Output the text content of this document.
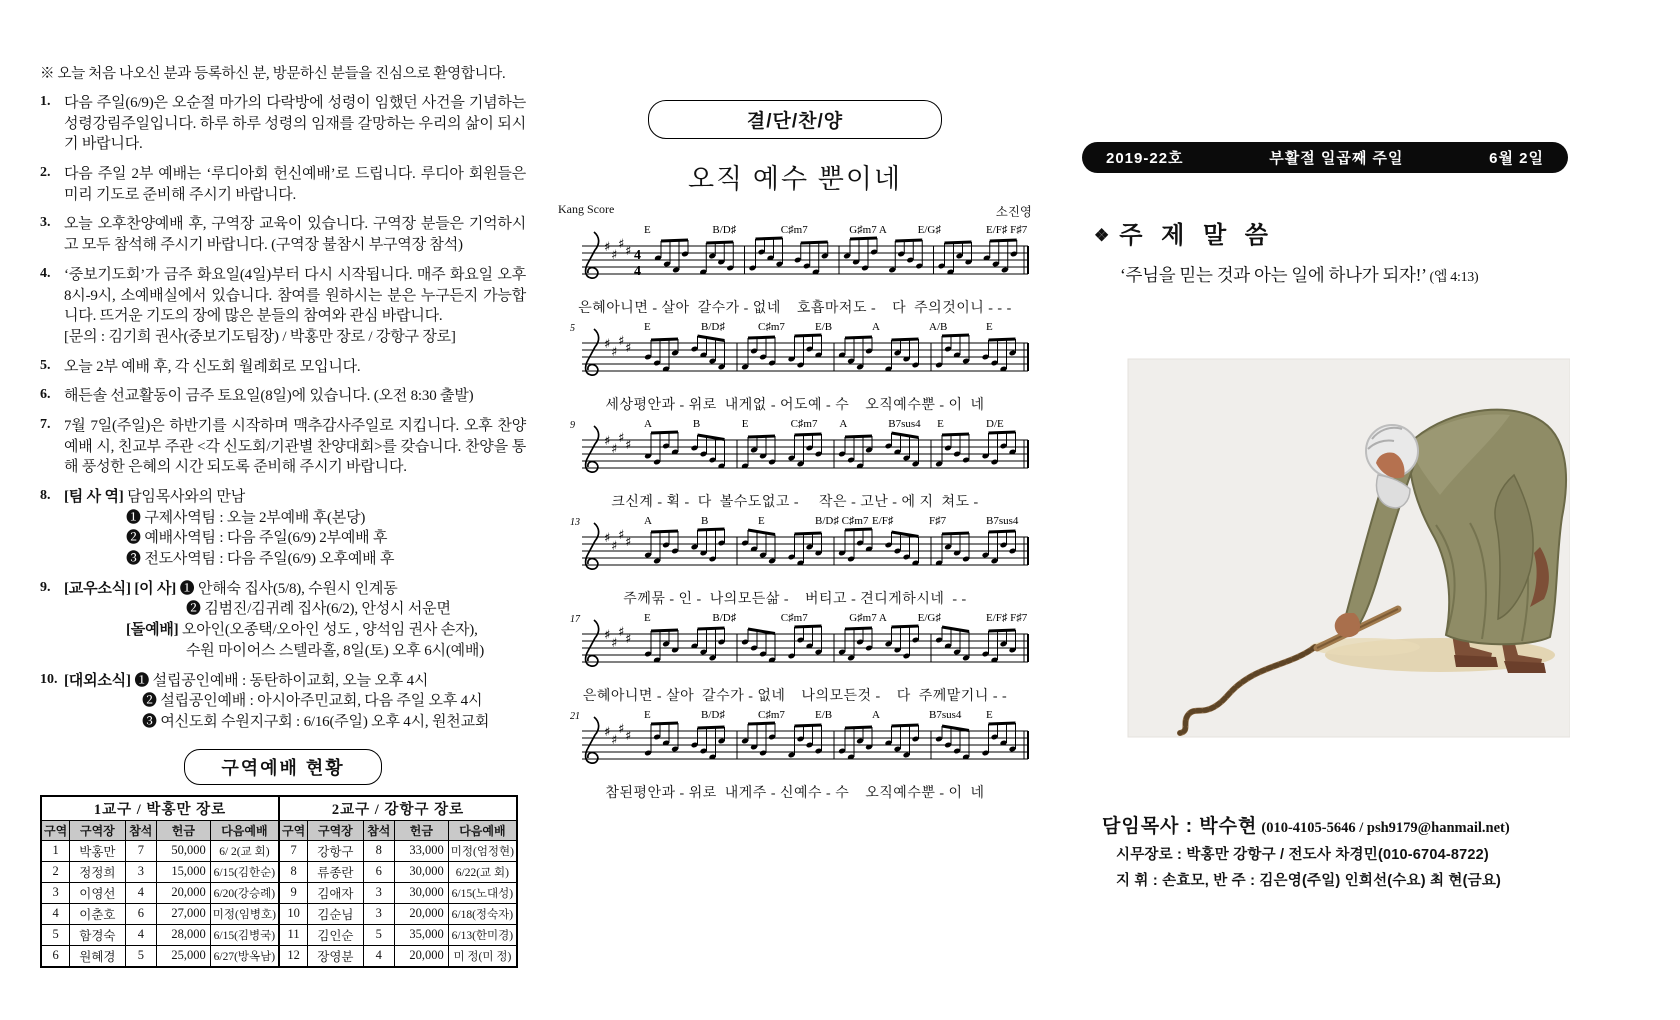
※ 오늘 처음 나오신 분과 등록하신 분, 방문하신 분들을 진심으로 환영합니다.
1. 다음 주일(6/9)은 오순절 마가의 다락방에 성령이 임했던 사건을 기념하는 성령강림주일입니다. 하루 하루 성령의 임재를 갈망하는 우리의 삶이 되시기 바랍니다.
2. 다음 주일 2부 예배는 ‘루디아회 헌신예배’로 드립니다. 루디아 회원들은 미리 기도로 준비해 주시기 바랍니다.
3. 오늘 오후찬양예배 후, 구역장 교육이 있습니다. 구역장 분들은 기억하시고 모두 참석해 주시기 바랍니다. (구역장 불참시 부구역장 참석)
4. ‘중보기도회’가 금주 화요일(4일)부터 다시 시작됩니다. 매주 화요일 오후 8시-9시, 소예배실에서 있습니다. 참여를 원하시는 분은 누구든지 가능합니다. 뜨거운 기도의 장에 많은 분들의 참여와 관심 바랍니다.
[문의 : 김기희 권사(중보기도팀장) / 박홍만 장로 / 강항구 장로]
5. 오늘 2부 예배 후, 각 신도회 월례회로 모입니다.
6. 해든솔 선교활동이 금주 토요일(8일)에 있습니다. (오전 8:30 출발)
7. 7월 7일(주일)은 하반기를 시작하며 맥추감사주일로 지킵니다. 오후 찬양예배 시, 친교부 주관 <각 신도회/기관별 찬양대회>를 갖습니다. 찬양을 통해 풍성한 은혜의 시간 되도록 준비해 주시기 바랍니다.
8. [팀 사 역] 담임목사와의 만남
❶ 구제사역팀 : 오늘 2부예배 후(본당)
❷ 예배사역팀 : 다음 주일(6/9) 2부예배 후
❸ 전도사역팀 : 다음 주일(6/9) 오후예배 후
9. [교우소식] [이 사] ❶ 안해숙 집사(5/8), 수원시 인계동
❷ 김범진/김귀례 집사(6/2), 안성시 서운면
[돌예배] 오아인(오종택/오아인 성도 , 양석임 권사 손자),
수원 마이어스 스텔라홀, 8일(토) 오후 6시(예배)
10. [대외소식] ❶ 설립공인예배 : 동탄하이교회, 오늘 오후 4시
❷ 설립공인예배 : 아시아주민교회, 다음 주일 오후 4시
❸ 여신도회 수원지구회 : 6/16(주일) 오후 4시, 원천교회
구역예배 현황
1교구 / 박홍만 장로					2교구 / 강항구 장로				
구역	구역장	참석	헌금	다음예배	구역	구역장	참석	헌금	다음예배
1	박홍만	7	50,000	6/ 2(교 회)	7	강항구	8	33,000	미정(엄정현)
2	정정희	3	15,000	6/15(김한순)	8	류종란	6	30,000	6/22(교 회)
3	이영선	4	20,000	6/20(강승례)	9	김애자	3	30,000	6/15(노대성)
4	이춘호	6	27,000	미정(임병호)	10	김순님	3	20,000	6/18(정숙자)
5	함경숙	4	28,000	6/15(김병국)	11	김인순	5	35,000	6/13(한미경)
6	원혜경	5	25,000	6/27(방옥남)	12	장영분	4	20,000	미 정(미 정)
결/단/찬/양
오직 예수 뿐이네
Kang Score	소진영
♯
♯
♯ ♯ 4
4
E	B/D♯	C♯m7	G♯m7 A	E/G♯	E/F♯ F♯7
은혜아니면 - 살아  갈수가 - 없네    호흡마저도 -    다  주의것이니 - - -
5
♯
♯
♯ ♯
E	B/D♯	C♯m7	E/B	A	A/B	E
세상평안과 - 위로  내게없 - 어도예 - 수    오직예수뿐 - 이  네
9
♯
♯
♯ ♯
A	B	E	C♯m7 A	B7sus4 E	D/E
크신계 - 획 -  다  볼수도없고 -     작은 - 고난 - 에 지  쳐도 -
13
♯
♯
♯ ♯
A	B	E	B/D♯ C♯m7 E/F♯	F♯7	B7sus4
주께묶 - 인 -  나의모든삶 -    버티고 - 견디게하시네  - -
17
♯
♯
♯ ♯
E	B/D♯	C♯m7	G♯m7 A	E/G♯	E/F♯ F♯7
은혜아니면 - 살아  갈수가 - 없네    나의모든것 -    다  주께맡기니 - -
21
♯
♯
♯ ♯
E	B/D♯	C♯m7	E/B	A	B7sus4 E
참된평안과 - 위로  내게주 - 신예수 - 수    오직예수뿐 - 이  네
2019-22호	부활절 일곱째 주일	6월 2일
❖ 주 제 말 씀
‘주님을 믿는 것과 아는 일에 하나가 되자!’ (엡 4:13)
담임목사 : 박수현 (010-4105-5646 / psh9179@hanmail.net)
시무장로 : 박홍만 강항구 / 전도사 차경민(010-6704-8722)
지 휘 : 손효모, 반 주 : 김은영(주일) 인희선(수요) 최 현(금요)
